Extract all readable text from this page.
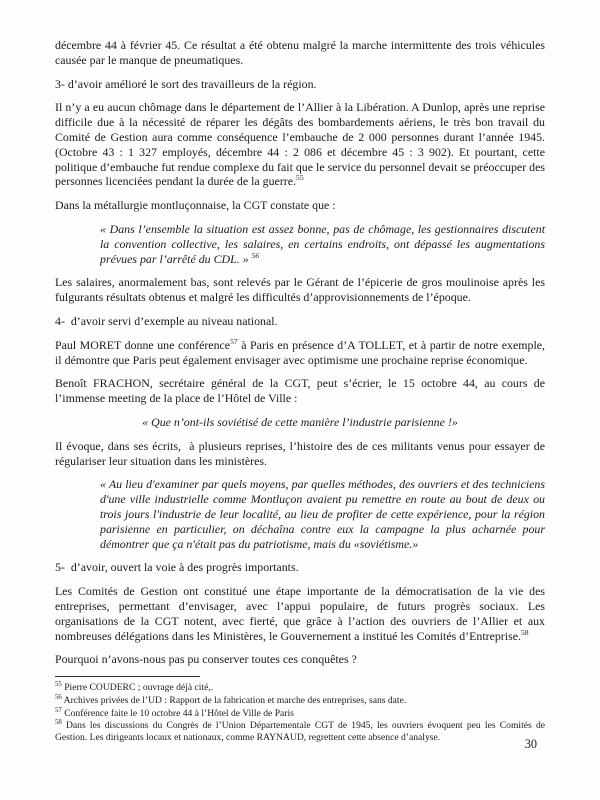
décembre 44 à février 45. Ce résultat a été obtenu malgré la marche intermittente des trois véhicules causée par le manque de pneumatiques.

3- d’avoir amélioré le sort des travailleurs de la région.

Il n’y a eu aucun chômage dans le département de l’Allier à la Libération. A Dunlop, après une reprise difficile due à la nécessité de réparer les dégâts des bombardements aériens, le très bon travail du Comité de Gestion aura comme conséquence l’embauche de 2 000 personnes durant l’année 1945. (Octobre 43 : 1 327 employés, décembre 44 : 2 086 et décembre 45 : 3 902). Et pourtant, cette politique d’embauche fut rendue complexe du fait que le service du personnel devait se préoccuper des personnes licenciées pendant la durée de la guerre.$^{55}$

Dans la métallurgie montluçonnaise, la CGT constate que :

« Dans l’ensemble la situation est assez bonne, pas de chômage, les gestionnaires discutent la convention collective, les salaires, en certains endroits, ont dépassé les augmentations prévues par l’arrêté du CDL. » $^{56}$

Les salaires, anormalement bas, sont relevés par le Gérant de l’épicerie de gros moulinoise après les fulgurants résultats obtenus et malgré les difficultés d’approvisionnements de l’époque.

4-  d’avoir servi d’exemple au niveau national.

Paul MORET donne une conférence$^{57}$ à Paris en présence d’A TOLLET, et à partir de notre exemple, il démontre que Paris peut également envisager avec optimisme une prochaine reprise économique.

Benoît FRACHON, secrétaire général de la CGT, peut s’écrier, le 15 octobre 44, au cours de l’immense meeting de la place de l’Hôtel de Ville :

« Que n’ont-ils soviétisé de cette manière l’industrie parisienne !»

Il évoque, dans ses écrits,  à plusieurs reprises, l’histoire des de ces militants venus pour essayer de régulariser leur situation dans les ministères.

« Au lieu d'examiner par quels moyens, par quelles méthodes, des ouvriers et des techniciens d'une ville industrielle comme Montluçon avaient pu remettre en route au bout de deux ou trois jours l'industrie de leur localité, au lieu de profiter de cette expérience, pour la région parisienne en particulier, on déchaîna contre eux la campagne la plus acharnée pour démontrer que ça n'était pas du patriotisme, mais du «soviétisme.»

5-  d’avoir, ouvert la voie à des progrès importants.

Les Comités de Gestion ont constitué une étape importante de la démocratisation de la vie des entreprises, permettant d’envisager, avec l’appui populaire, de futurs progrès sociaux. Les organisations de la CGT notent, avec fierté, que grâce à l’action des ouvriers de l’Allier et aux nombreuses délégations dans les Ministères, le Gouvernement a institué les Comités d’Entreprise.$^{58}$

Pourquoi n’avons-nous pas pu conserver toutes ces conquêtes ?

$^{55}$ Pierre COUDERC ; ouvrage déjà cité,.

$^{56}$ Archives privées de l’UD : Rapport de la fabrication et marche des entreprises, sans date.

$^{57}$ Conférence faite le 10 octobre 44 à l’Hôtel de Ville de Paris

$^{58}$ Dans les discussions du Congrès de l’Union Départementale CGT de 1945, les ouvriers évoquent peu les Comités de Gestion. Les dirigeants locaux et nationaux, comme RAYNAUD, regrettent cette absence d’analyse.	30
